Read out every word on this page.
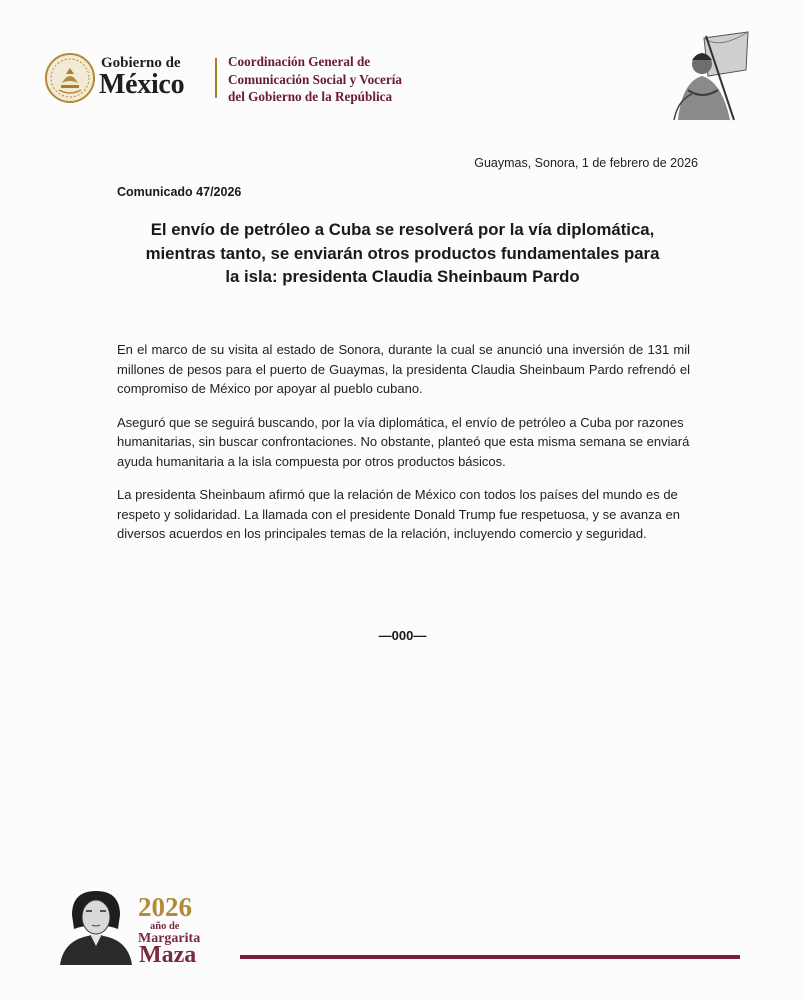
Gobierno de
México
Coordinación General de
Comunicación Social y Vocería
del Gobierno de la República
Guaymas, Sonora, 1 de febrero de 2026
Comunicado 47/2026
El envío de petróleo a Cuba se resolverá por la vía diplomática,
mientras tanto, se enviarán otros productos fundamentales para
la isla: presidenta Claudia Sheinbaum Pardo

En el marco de su visita al estado de Sonora, durante la cual se anunció una inversión de 131 mil millones de pesos para el puerto de Guaymas, la presidenta Claudia Sheinbaum Pardo refrendó el compromiso de México por apoyar al pueblo cubano.

Aseguró que se seguirá buscando, por la vía diplomática, el envío de petróleo a Cuba por razones humanitarias, sin buscar confrontaciones. No obstante, planteó que esta misma semana se enviará ayuda humanitaria a la isla compuesta por otros productos básicos.

La presidenta Sheinbaum afirmó que la relación de México con todos los países del mundo es de respeto y solidaridad. La llamada con el presidente Donald Trump fue respetuosa, y se avanza en diversos acuerdos en los principales temas de la relación, incluyendo comercio y seguridad.

—000—
2026
año de
Margarita
Maza
